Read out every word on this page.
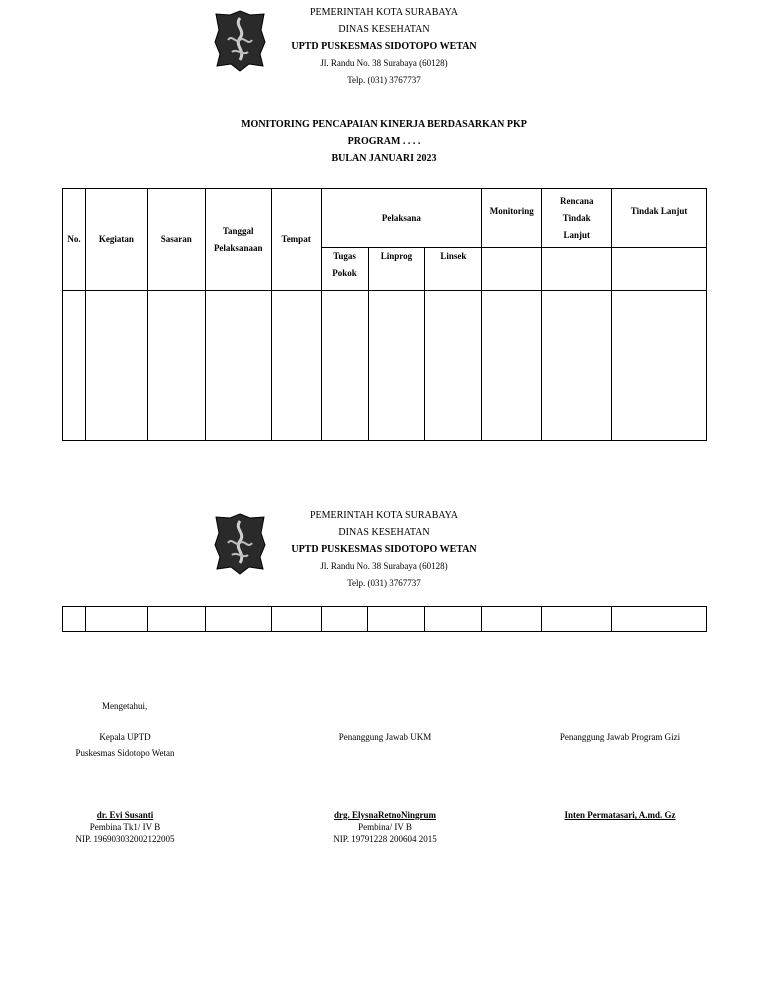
PEMERINTAH KOTA SURABAYA
DINAS KESEHATAN
UPTD PUSKESMAS SIDOTOPO WETAN
Jl. Randu No. 38 Surabaya (60128)
Telp. (031) 3767737
MONITORING PENCAPAIAN KINERJA BERDASARKAN PKP
PROGRAM . . . .
BULAN JANUARI 2023
No.	Kegiatan	Sasaran	Tanggal Pelaksanaan	Tempat	Pelaksana			Monitoring	Rencana Tindak Lanjut	Tindak Lanjut
					Tugas Pokok	Linprog	Linsek			

PEMERINTAH KOTA SURABAYA
DINAS KESEHATAN
UPTD PUSKESMAS SIDOTOPO WETAN
Jl. Randu No. 38 Surabaya (60128)
Telp. (031) 3767737

Mengetahui,
Kepala UPTD
Puskesmas Sidotopo Wetan
Penanggung Jawab UKM	Penanggung Jawab Program Gizi
dr. Evi Susanti
Pembina Tk1/ IV B
NIP. 196903032002122005
drg. ElysnaRetnoNingrum
Pembina/ IV B
NIP. 19791228 200604 2015
Inten Permatasari, A.md. Gz
